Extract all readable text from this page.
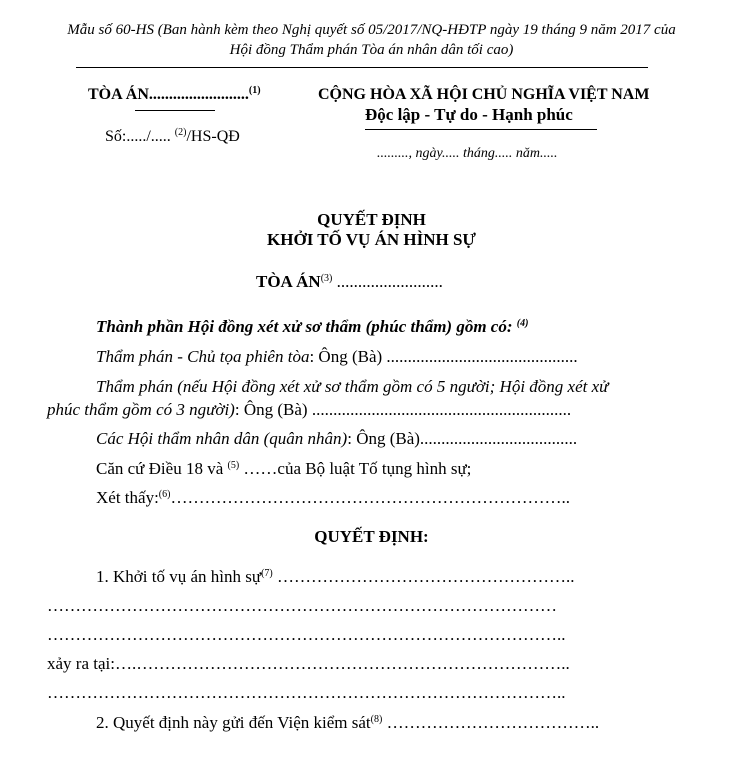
Mẫu số 60-HS (Ban hành kèm theo Nghị quyết số 05/2017/NQ-HĐTP ngày 19 tháng 9 năm 2017 của
Hội đồng Thẩm phán Tòa án nhân dân tối cao)
TÒA ÁN.........................$^{(1)}$
Số:...../..... $^{(2)}$/HS-QĐ
CỘNG HÒA XÃ HỘI CHỦ NGHĨA VIỆT NAM
Độc lập - Tự do - Hạnh phúc
........., ngày..... tháng..... năm.....
QUYẾT ĐỊNH
KHỞI TỐ VỤ ÁN HÌNH SỰ
TÒA ÁN$^{(3)}$ .........................
Thành phần Hội đồng xét xử sơ thẩm (phúc thẩm) gồm có: $^{(4)}$
Thẩm phán - Chủ tọa phiên tòa: Ông (Bà) .............................................
Thẩm phán (nếu Hội đồng xét xử sơ thẩm gồm có 5 người; Hội đồng xét xử
phúc thẩm gồm có 3 người): Ông (Bà) .............................................................
Các Hội thẩm nhân dân (quân nhân): Ông (Bà).....................................
Căn cứ Điều 18 và $^{(5)}$ ……của Bộ luật Tố tụng hình sự;
Xét thấy:$^{(6)}$……………………………………………………………..
QUYẾT ĐỊNH:
1. Khởi tố vụ án hình sự$^{(7)}$ ……………………………………………..
………………………………………………………………………………
………………………………………………………………………………..
xảy ra tại:….…………………………………………………………………..
………………………………………………………………………………..
2. Quyết định này gửi đến Viện kiểm sát$^{(8)}$ ………………………………..
